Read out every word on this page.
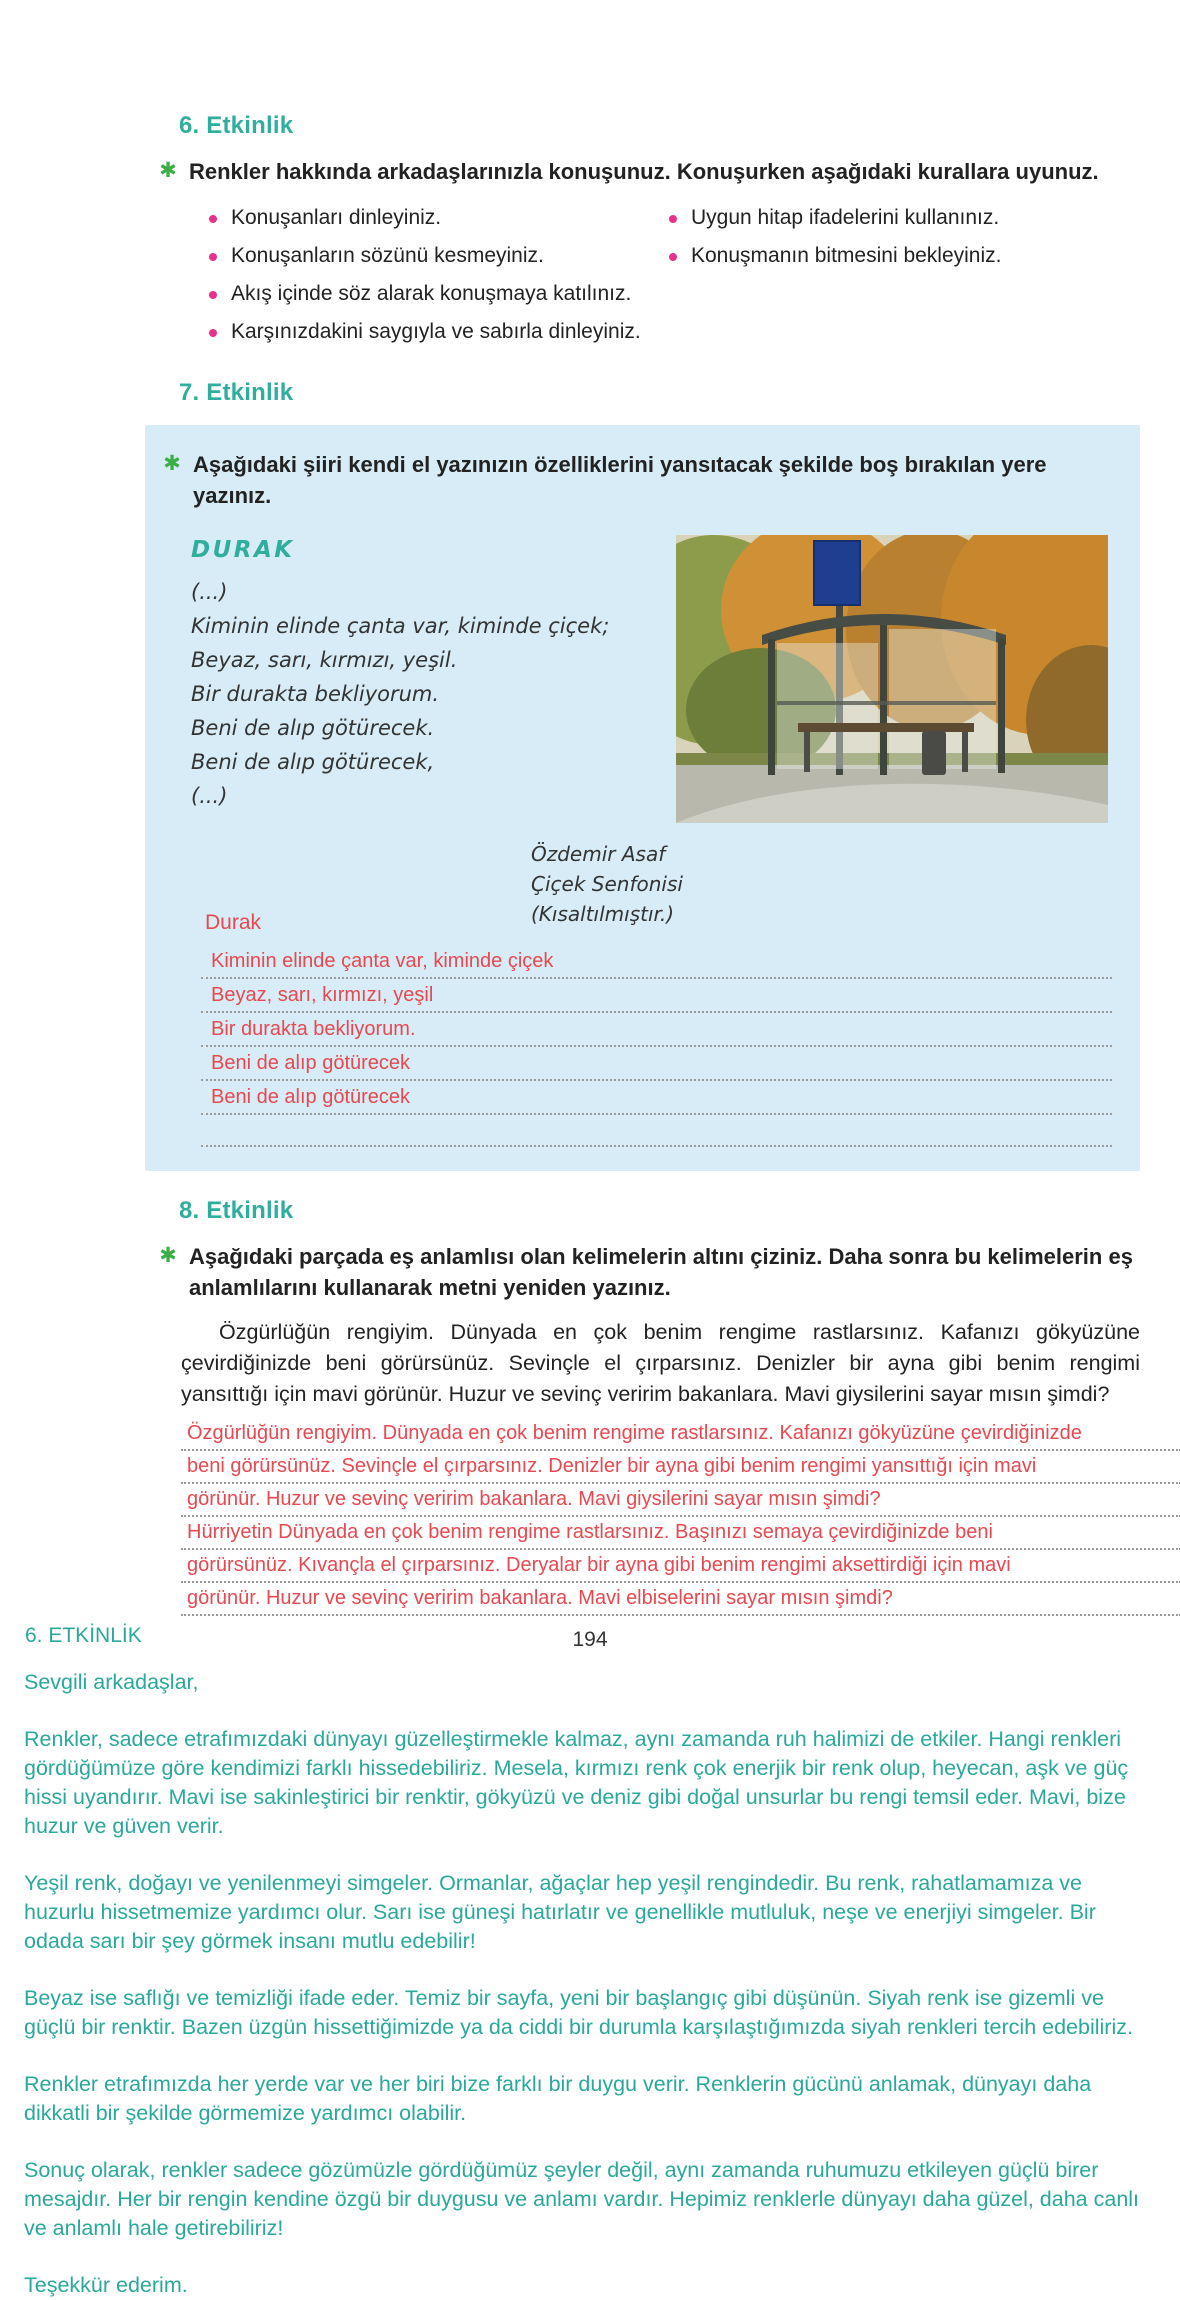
6. Etkinlik
✱ Renkler hakkında arkadaşlarınızla konuşunuz. Konuşurken aşağıdaki kurallara uyunuz.

Konuşanları dinleyiniz.
Konuşanların sözünü kesmeyiniz.
Akış içinde söz alarak konuşmaya katılınız.
Karşınızdakini saygıyla ve sabırla dinleyiniz.
Uygun hitap ifadelerini kullanınız.
Konuşmanın bitmesini bekleyiniz.
7. Etkinlik
✱ Aşağıdaki şiiri kendi el yazınızın özelliklerini yansıtacak şekilde boş bırakılan yere yazınız.

DURAK
(...)
Kiminin elinde çanta var, kiminde çiçek;
Beyaz, sarı, kırmızı, yeşil.
Bir durakta bekliyorum.
Beni de alıp götürecek.
Beni de alıp götürecek,
(...)
Özdemir Asaf
Çiçek Senfonisi
(Kısaltılmıştır.)
Durak
Kiminin elinde çanta var, kiminde çiçek
Beyaz, sarı, kırmızı, yeşil
Bir durakta bekliyorum.
Beni de alıp götürecek
Beni de alıp götürecek
8. Etkinlik
✱ Aşağıdaki parçada eş anlamlısı olan kelimelerin altını çiziniz. Daha sonra bu kelimelerin eş anlamlılarını kullanarak metni yeniden yazınız.

Özgürlüğün rengiyim. Dünyada en çok benim rengime rastlarsınız. Kafanızı gökyüzüne çevirdiğinizde beni görürsünüz. Sevinçle el çırparsınız. Denizler bir ayna gibi benim rengimi yansıttığı için mavi görünür. Huzur ve sevinç veririm bakanlara. Mavi giysilerini sayar mısın şimdi?

Özgürlüğün rengiyim. Dünyada en çok benim rengime rastlarsınız. Kafanızı gökyüzüne çevirdiğinizde
beni görürsünüz. Sevinçle el çırparsınız. Denizler bir ayna gibi benim rengimi yansıttığı için mavi
görünür. Huzur ve sevinç veririm bakanlara. Mavi giysilerini sayar mısın şimdi?
Hürriyetin Dünyada en çok benim rengime rastlarsınız. Başınızı semaya çevirdiğinizde beni
görürsünüz. Kıvançla el çırparsınız. Deryalar bir ayna gibi benim rengimi aksettirdiği için mavi
görünür. Huzur ve sevinç veririm bakanlara. Mavi elbiselerini sayar mısın şimdi?
6. ETKİNLİK	194

Sevgili arkadaşlar,

Renkler, sadece etrafımızdaki dünyayı güzelleştirmekle kalmaz, aynı zamanda ruh halimizi de etkiler. Hangi renkleri gördüğümüze göre kendimizi farklı hissedebiliriz. Mesela, kırmızı renk çok enerjik bir renk olup, heyecan, aşk ve güç hissi uyandırır. Mavi ise sakinleştirici bir renktir, gökyüzü ve deniz gibi doğal unsurlar bu rengi temsil eder. Mavi, bize huzur ve güven verir.

Yeşil renk, doğayı ve yenilenmeyi simgeler. Ormanlar, ağaçlar hep yeşil rengindedir. Bu renk, rahatlamamıza ve huzurlu hissetmemize yardımcı olur. Sarı ise güneşi hatırlatır ve genellikle mutluluk, neşe ve enerjiyi simgeler. Bir odada sarı bir şey görmek insanı mutlu edebilir!

Beyaz ise saflığı ve temizliği ifade eder. Temiz bir sayfa, yeni bir başlangıç gibi düşünün. Siyah renk ise gizemli ve güçlü bir renktir. Bazen üzgün hissettiğimizde ya da ciddi bir durumla karşılaştığımızda siyah renkleri tercih edebiliriz.

Renkler etrafımızda her yerde var ve her biri bize farklı bir duygu verir. Renklerin gücünü anlamak, dünyayı daha dikkatli bir şekilde görmemize yardımcı olabilir.

Sonuç olarak, renkler sadece gözümüzle gördüğümüz şeyler değil, aynı zamanda ruhumuzu etkileyen güçlü birer mesajdır. Her bir rengin kendine özgü bir duygusu ve anlamı vardır. Hepimiz renklerle dünyayı daha güzel, daha canlı ve anlamlı hale getirebiliriz!

Teşekkür ederim.
